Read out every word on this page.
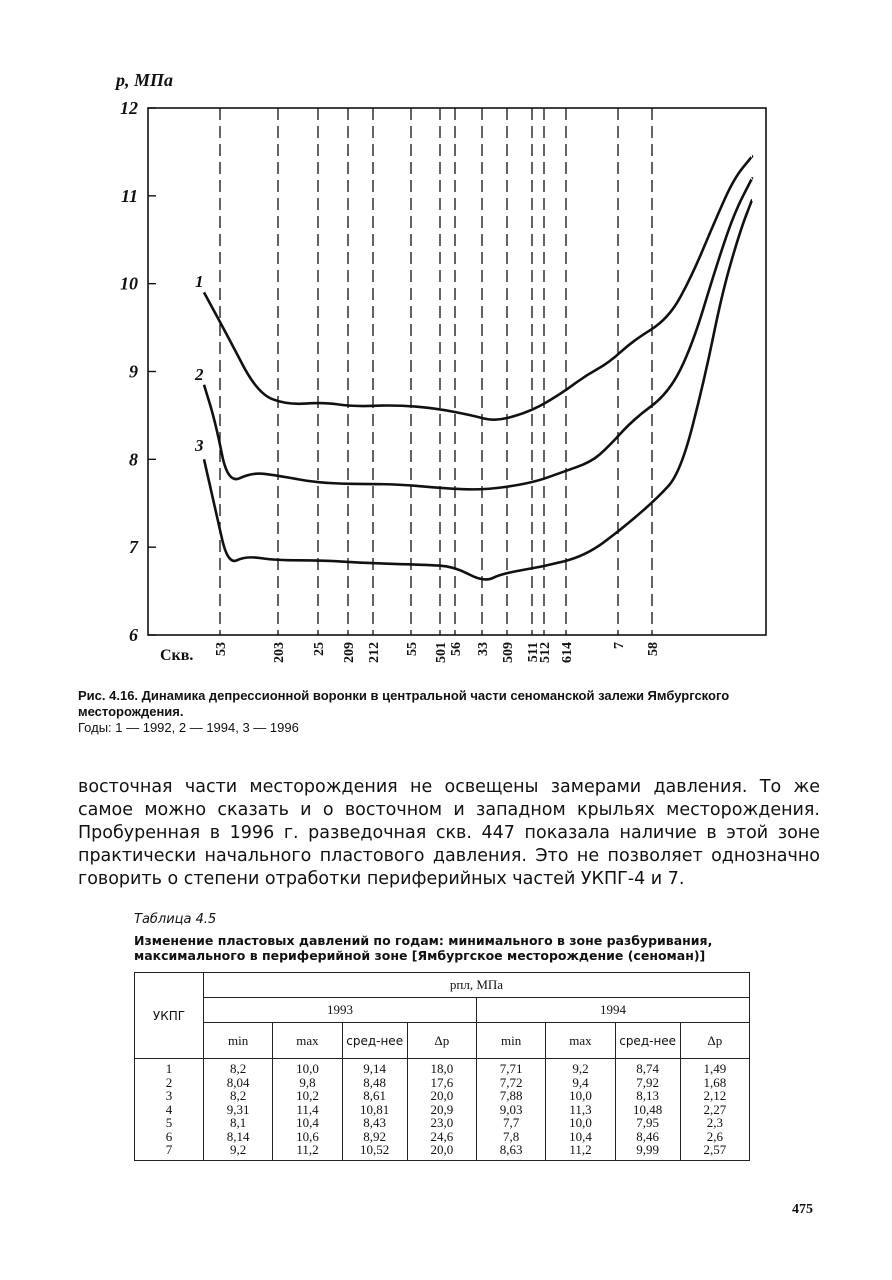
p, МПа
6
7
8
9
10
11
12
1
2
3
Скв. 53	203 25 209 212 55 501 56 33 509 511
512 614	7 58
Рис. 4.16. Динамика депрессионной воронки в центральной части сеноманской залежи Ямбургского месторождения.
Годы: 1 — 1992, 2 — 1994, 3 — 1996

восточная части месторождения не освещены замерами давления. То же самое можно сказать и о восточном и западном крыльях месторождения. Пробуренная в 1996 г. разведочная скв. 447 показала наличие в этой зоне практически начального пластового давления. Это не позволяет однозначно говорить о степени отработки периферийных частей УКПГ-4 и 7.

Таблица 4.5
Изменение пластовых давлений по годам: минимального в зоне разбуривания, максимального в периферийной зоне [Ямбургское месторождение (сеноман)]
УКПГ	pпл, МПа							
	1993				1994			
	min	max	сред-нее	Δp	min	max	сред-нее	Δp
1	8,2	10,0	9,14	18,0	7,71	9,2	8,74	1,49
2	8,04	9,8	8,48	17,6	7,72	9,4	7,92	1,68
3	8,2	10,2	8,61	20,0	7,88	10,0	8,13	2,12
4	9,31	11,4	10,81	20,9	9,03	11,3	10,48	2,27
5	8,1	10,4	8,43	23,0	7,7	10,0	7,95	2,3
6	8,14	10,6	8,92	24,6	7,8	10,4	8,46	2,6
7	9,2	11,2	10,52	20,0	8,63	11,2	9,99	2,57
475
